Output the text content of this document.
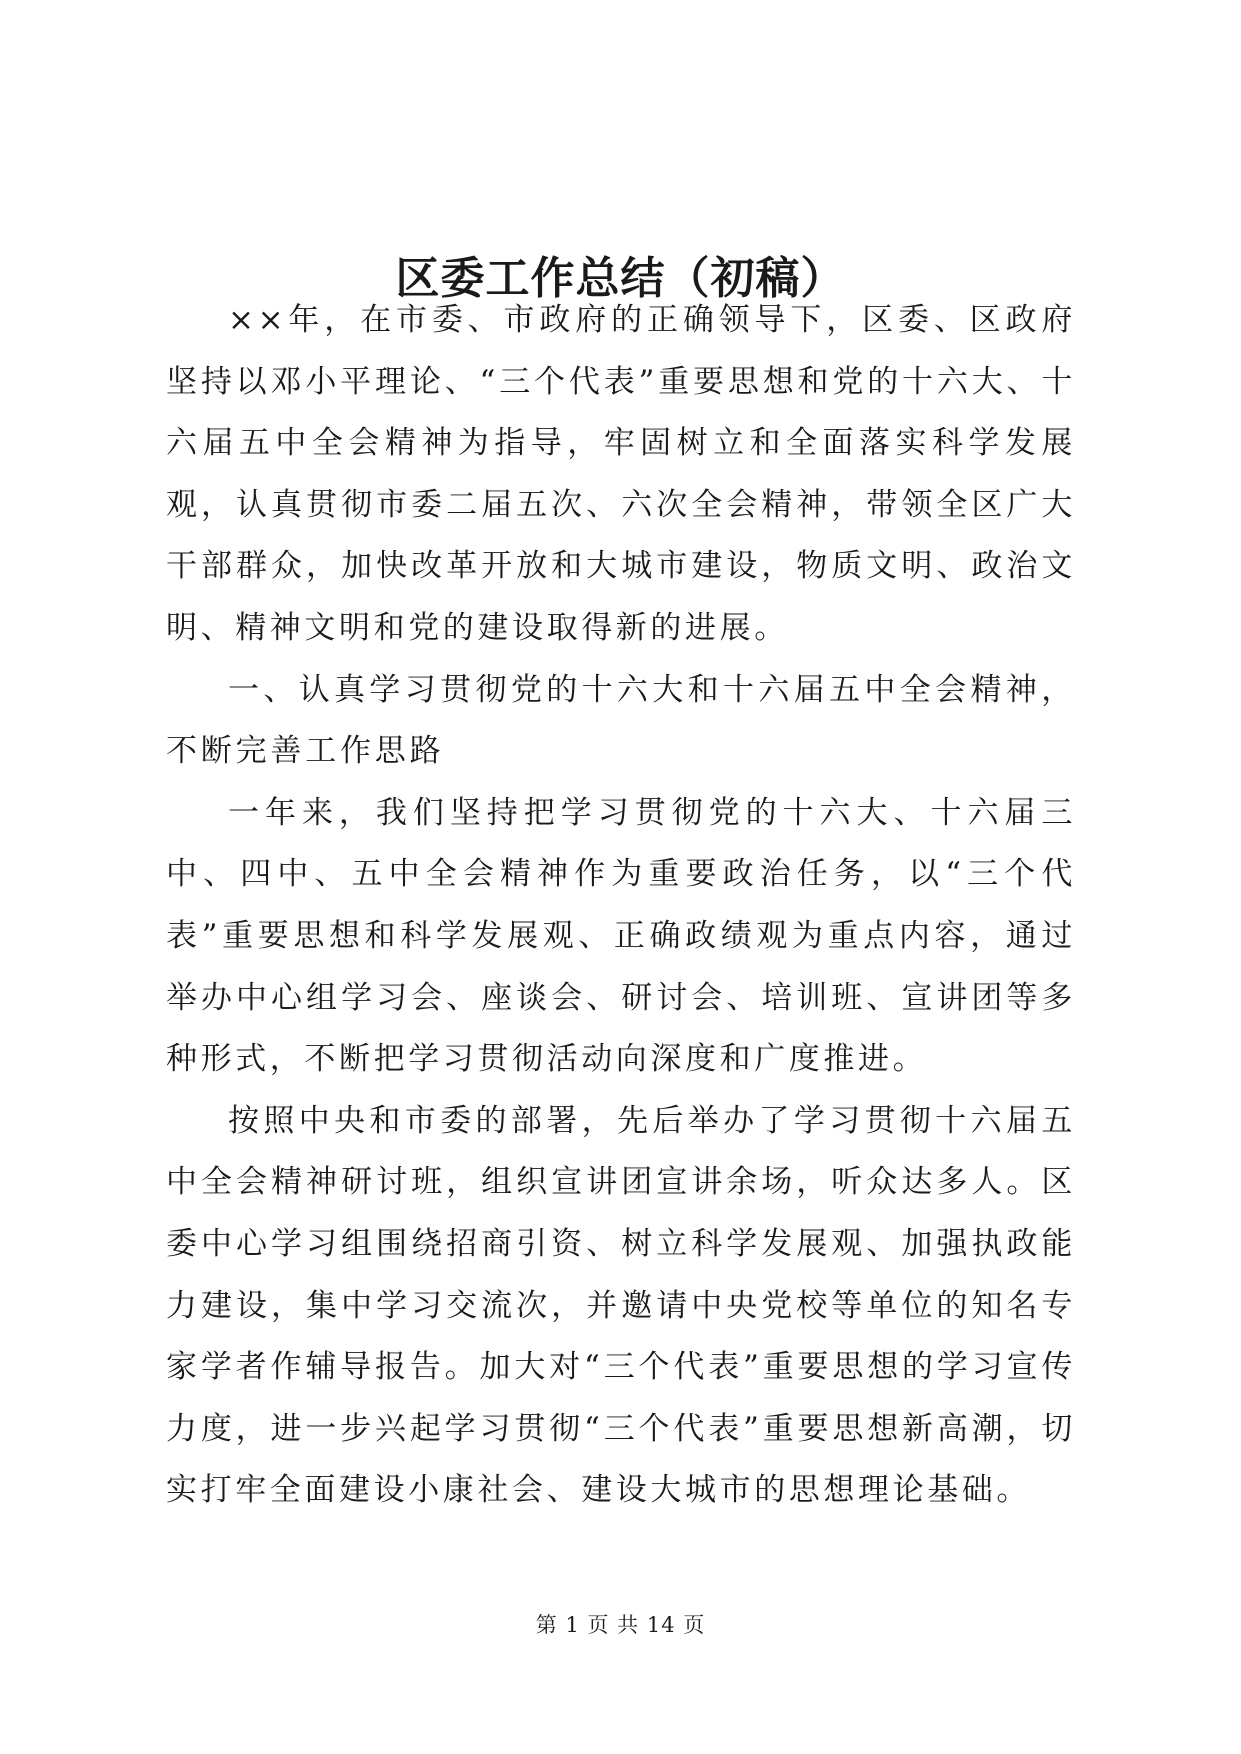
区委工作总结（初稿）

××年，在市委、市政府的正确领导下，区委、区政府坚持以邓小平理论、“三个代表”重要思想和党的十六大、十六届五中全会精神为指导，牢固树立和全面落实科学发展观，认真贯彻市委二届五次、六次全会精神，带领全区广大干部群众，加快改革开放和大城市建设，物质文明、政治文明、精神文明和党的建设取得新的进展。

一、认真学习贯彻党的十六大和十六届五中全会精神，不断完善工作思路

一年来，我们坚持把学习贯彻党的十六大、十六届三中、四中、五中全会精神作为重要政治任务，以“三个代表”重要思想和科学发展观、正确政绩观为重点内容，通过举办中心组学习会、座谈会、研讨会、培训班、宣讲团等多种形式，不断把学习贯彻活动向深度和广度推进。

按照中央和市委的部署，先后举办了学习贯彻十六届五中全会精神研讨班，组织宣讲团宣讲余场，听众达多人。区委中心学习组围绕招商引资、树立科学发展观、加强执政能力建设，集中学习交流次，并邀请中央党校等单位的知名专家学者作辅导报告。加大对“三个代表”重要思想的学习宣传力度，进一步兴起学习贯彻“三个代表”重要思想新高潮，切实打牢全面建设小康社会、建设大城市的思想理论基础。

第 1 页 共 14 页
